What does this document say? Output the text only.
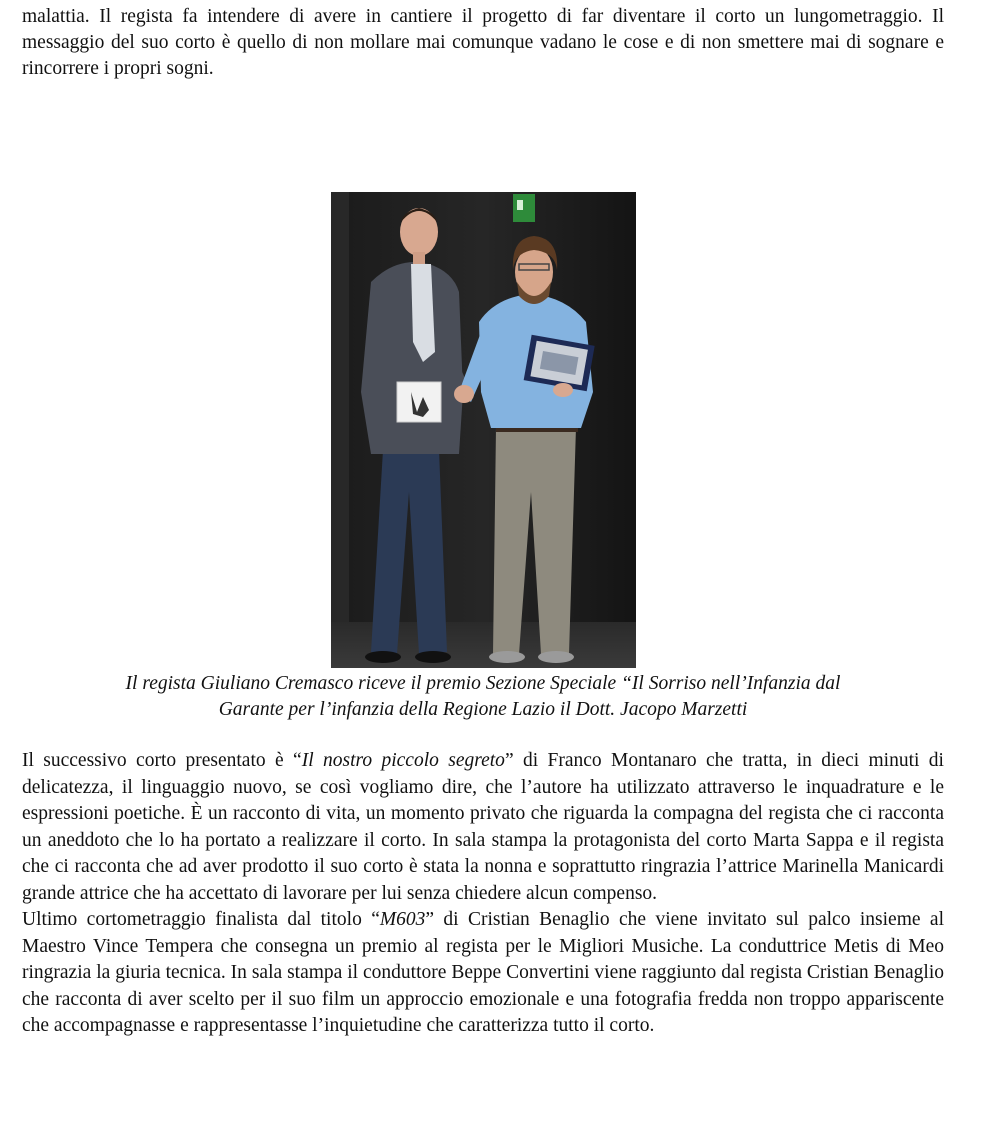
malattia. Il regista fa intendere di avere in cantiere il progetto di far diventare il corto un lungometraggio. Il messaggio del suo corto è quello di non mollare mai comunque vadano le cose e di non smettere mai di sognare e rincorrere i propri sogni.

Il regista Giuliano Cremasco riceve il premio Sezione Speciale “Il Sorriso nell’Infanzia dal
Garante per l’infanzia della Regione Lazio il Dott. Jacopo Marzetti

Il successivo corto presentato è “Il nostro piccolo segreto” di Franco Montanaro che tratta, in dieci minuti di delicatezza, il linguaggio nuovo, se così vogliamo dire, che l’autore ha utilizzato attraverso le inquadrature e le espressioni poetiche. È un racconto di vita, un momento privato che riguarda la compagna del regista che ci racconta un aneddoto che lo ha portato a realizzare il corto. In sala stampa la protagonista del corto Marta Sappa e il regista che ci racconta che ad aver prodotto il suo corto è stata la nonna e soprattutto ringrazia l’attrice Marinella Manicardi grande attrice che ha accettato di lavorare per lui senza chiedere alcun compenso.

Ultimo cortometraggio finalista dal titolo “M603” di Cristian Benaglio che viene invitato sul palco insieme al Maestro Vince Tempera che consegna un premio al regista per le Migliori Musiche. La conduttrice Metis di Meo ringrazia la giuria tecnica. In sala stampa il conduttore Beppe Convertini viene raggiunto dal regista Cristian Benaglio che racconta di aver scelto per il suo film un approccio emozionale e una fotografia fredda non troppo appariscente che accompagnasse e rappresentasse l’inquietudine che caratterizza tutto il corto.
